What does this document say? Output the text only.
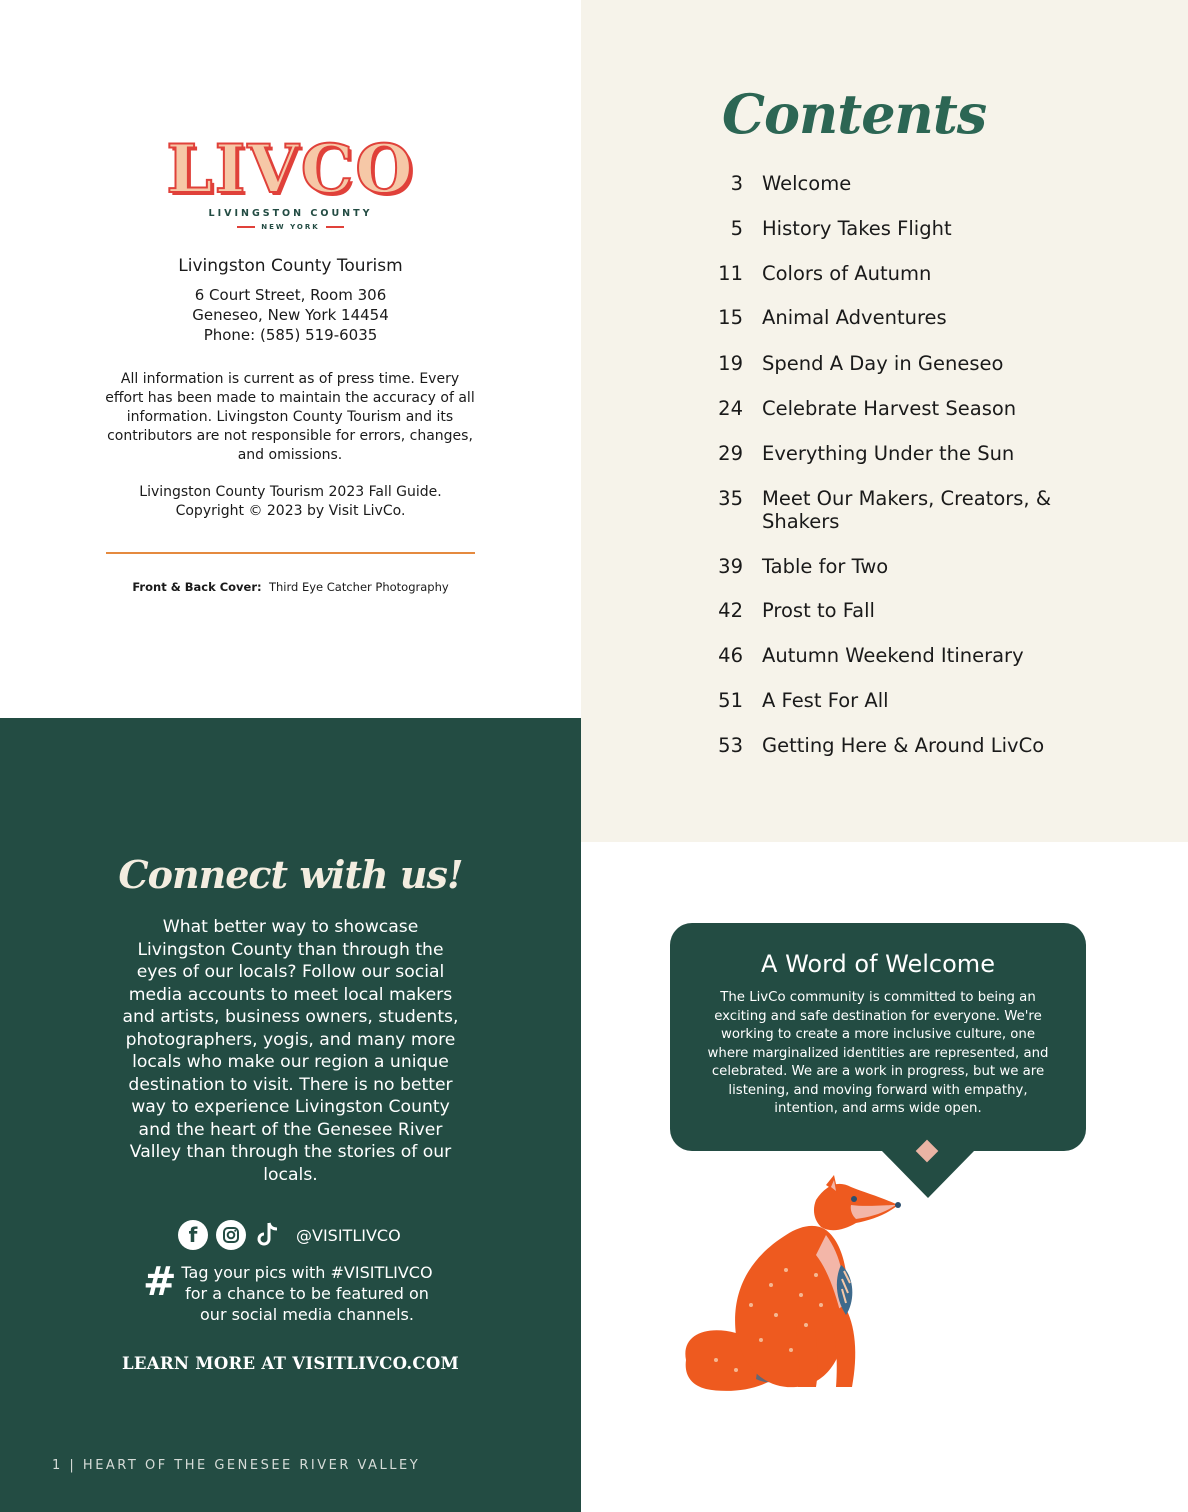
LIVCO
LIVINGSTON COUNTY
NEW YORK
Livingston County Tourism
6 Court Street, Room 306
Geneseo, New York 14454
Phone: (585) 519-6035
All information is current as of press time. Every effort has been made to maintain the accuracy of all information. Livingston County Tourism and its contributors are not responsible for errors, changes, and omissions.
Livingston County Tourism 2023 Fall Guide.
Copyright © 2023 by Visit LivCo.
Front & Back Cover: Third Eye Catcher Photography
Contents
3 Welcome
5 History Takes Flight
11 Colors of Autumn
15 Animal Adventures
19 Spend A Day in Geneseo
24 Celebrate Harvest Season
29 Everything Under the Sun
35 Meet Our Makers, Creators, & Shakers
39 Table for Two
42 Prost to Fall
46 Autumn Weekend Itinerary
51 A Fest For All
53 Getting Here & Around LivCo
Connect with us!
What better way to showcase Livingston County than through the eyes of our locals? Follow our social media accounts to meet local makers and artists, business owners, students, photographers, yogis, and many more locals who make our region a unique destination to visit. There is no better way to experience Livingston County and the heart of the Genesee River Valley than through the stories of our locals.
f	@VISITLIVCO
# Tag your pics with #VISITLIVCO for a chance to be featured on our social media channels.
LEARN MORE AT VISITLIVCO.COM
1 | HEART OF THE GENESEE RIVER VALLEY
A Word of Welcome
The LivCo community is committed to being an exciting and safe destination for everyone. We're working to create a more inclusive culture, one where marginalized identities are represented, and celebrated. We are a work in progress, but we are listening, and moving forward with empathy, intention, and arms wide open.
